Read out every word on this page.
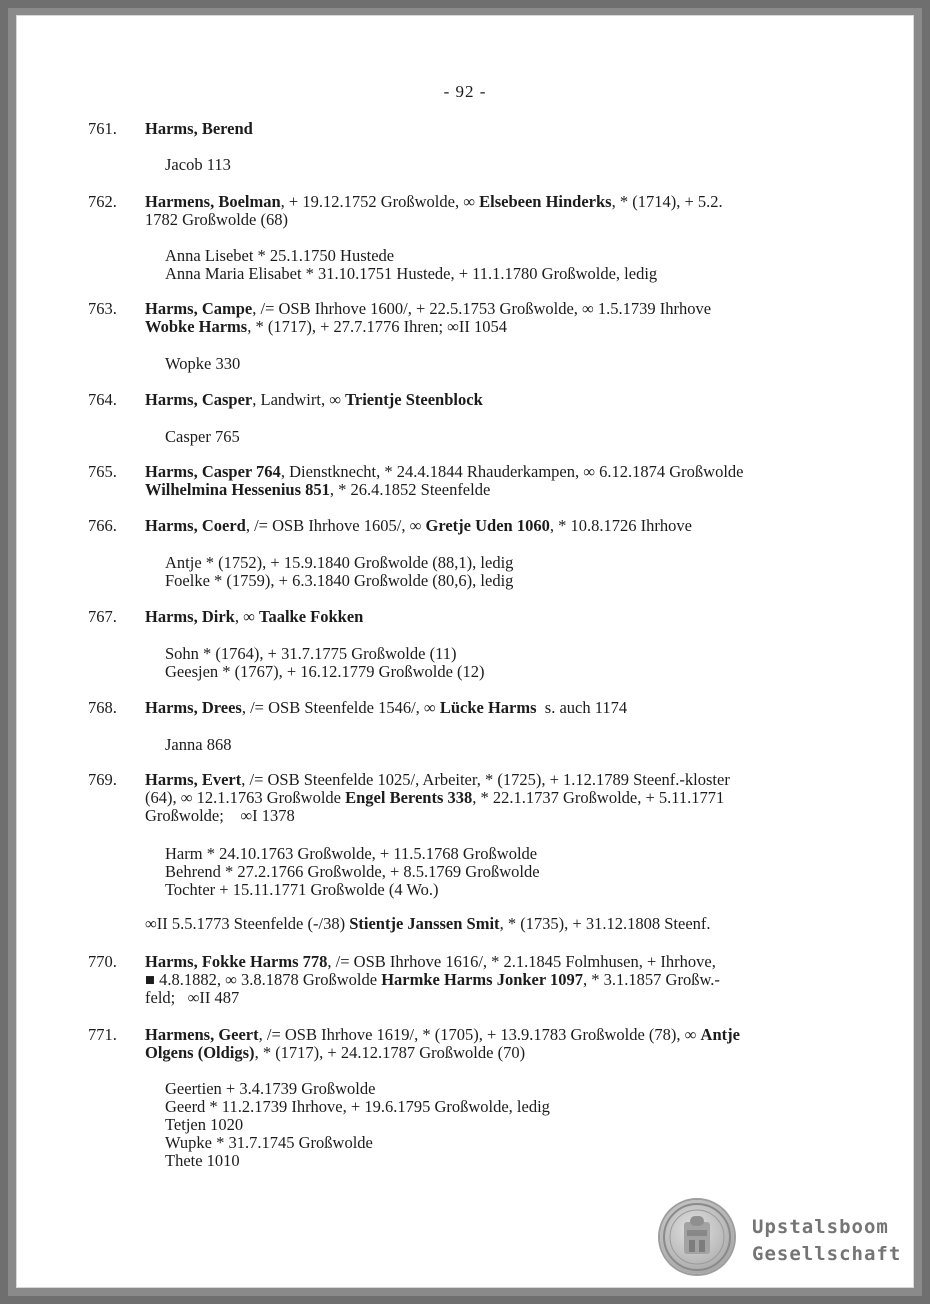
- 92 -
761. Harms, Berend
Jacob 113
762. Harmens, Boelman, + 19.12.1752 Großwolde, ∞ Elsebeen Hinderks, * (1714), + 5.2.
1782 Großwolde (68)
Anna Lisebet * 25.1.1750 Hustede
Anna Maria Elisabet * 31.10.1751 Hustede, + 11.1.1780 Großwolde, ledig
763. Harms, Campe, /= OSB Ihrhove 1600/, + 22.5.1753 Großwolde, ∞ 1.5.1739 Ihrhove
Wobke Harms, * (1717), + 27.7.1776 Ihren; ∞II 1054
Wopke 330
764. Harms, Casper, Landwirt, ∞ Trientje Steenblock
Casper 765
765. Harms, Casper 764, Dienstknecht, * 24.4.1844 Rhauderkampen, ∞ 6.12.1874 Großwolde
Wilhelmina Hessenius 851, * 26.4.1852 Steenfelde
766. Harms, Coerd, /= OSB Ihrhove 1605/, ∞ Gretje Uden 1060, * 10.8.1726 Ihrhove
Antje * (1752), + 15.9.1840 Großwolde (88,1), ledig
Foelke * (1759), + 6.3.1840 Großwolde (80,6), ledig
767. Harms, Dirk, ∞ Taalke Fokken
Sohn * (1764), + 31.7.1775 Großwolde (11)
Geesjen * (1767), + 16.12.1779 Großwolde (12)
768. Harms, Drees, /= OSB Steenfelde 1546/, ∞ Lücke Harms  s. auch 1174
Janna 868
769. Harms, Evert, /= OSB Steenfelde 1025/, Arbeiter, * (1725), + 1.12.1789 Steenf.-kloster
(64), ∞ 12.1.1763 Großwolde Engel Berents 338, * 22.1.1737 Großwolde, + 5.11.1771
Großwolde;    ∞I 1378
Harm * 24.10.1763 Großwolde, + 11.5.1768 Großwolde
Behrend * 27.2.1766 Großwolde, + 8.5.1769 Großwolde
Tochter + 15.11.1771 Großwolde (4 Wo.)
∞II 5.5.1773 Steenfelde (-/38) Stientje Janssen Smit, * (1735), + 31.12.1808 Steenf.
770. Harms, Fokke Harms 778, /= OSB Ihrhove 1616/, * 2.1.1845 Folmhusen, + Ihrhove,
■ 4.8.1882, ∞ 3.8.1878 Großwolde Harmke Harms Jonker 1097, * 3.1.1857 Großw.-
feld;   ∞II 487
771. Harmens, Geert, /= OSB Ihrhove 1619/, * (1705), + 13.9.1783 Großwolde (78), ∞ Antje
Olgens (Oldigs), * (1717), + 24.12.1787 Großwolde (70)
Geertien + 3.4.1739 Großwolde
Geerd * 11.2.1739 Ihrhove, + 19.6.1795 Großwolde, ledig
Tetjen 1020
Wupke * 31.7.1745 Großwolde
Thete 1010
Upstalsboom
Gesellschaft
